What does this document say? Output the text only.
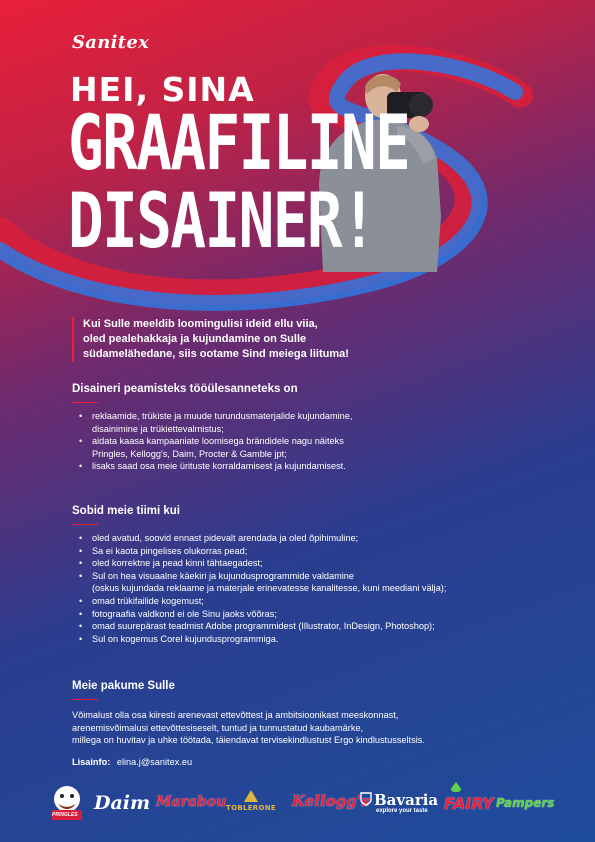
Sanitex
HEI, SINA
GRAAFILINE
DISAINER!
Kui Sulle meeldib loomingulisi ideid ellu viia,
oled pealehakkaja ja kujundamine on Sulle
südamelähedane, siis ootame Sind meiega liituma!
Disaineri peamisteks tööülesanneteks on
• reklaamide, trükiste ja muude turundusmaterjalide kujundamine,
disainimine ja trükiettevalmistus;
• aidata kaasa kampaaniate loomisega brändidele nagu näiteks
Pringles, Kellogg's, Daim, Procter & Gamble jpt;
• lisaks saad osa meie ürituste korraldamisest ja kujundamisest.
Sobid meie tiimi kui
• oled avatud, soovid ennast pidevalt arendada ja oled õpihimuline;
• Sa ei kaota pingelises olukorras pead;
• oled korrektne ja pead kinni tähtaegadest;
• Sul on hea visuaalne käekiri ja kujundusprogrammide valdamine
(oskus kujundada reklaame ja materjale erinevatesse kanalitesse, kuni meediani välja);
• omad trükifailide kogemust;
• fotograafia valdkond ei ole Sinu jaoks võõras;
• omad suurepärast teadmist Adobe programmidest (Illustrator, InDesign, Photoshop);
• Sul on kogemus Corel kujundusprogrammiga.
Meie pakume Sulle
Võimalust olla osa kiiresti arenevast ettevõttest ja ambitsioonikast meeskonnast,
arenemisvõimalusi ettevõttesiseselt, tuntud ja tunnustatud kaubamärke,
millega on huvitav ja uhke töötada, täiendavat tervisekindlustust Ergo kindlustusseltsis.
Lisainfo: elina.j@sanitex.eu
PRINGLES
Daim Marabou TOBLERONE Kellogg's Bavaria
explore your taste FAIRY Pampers
